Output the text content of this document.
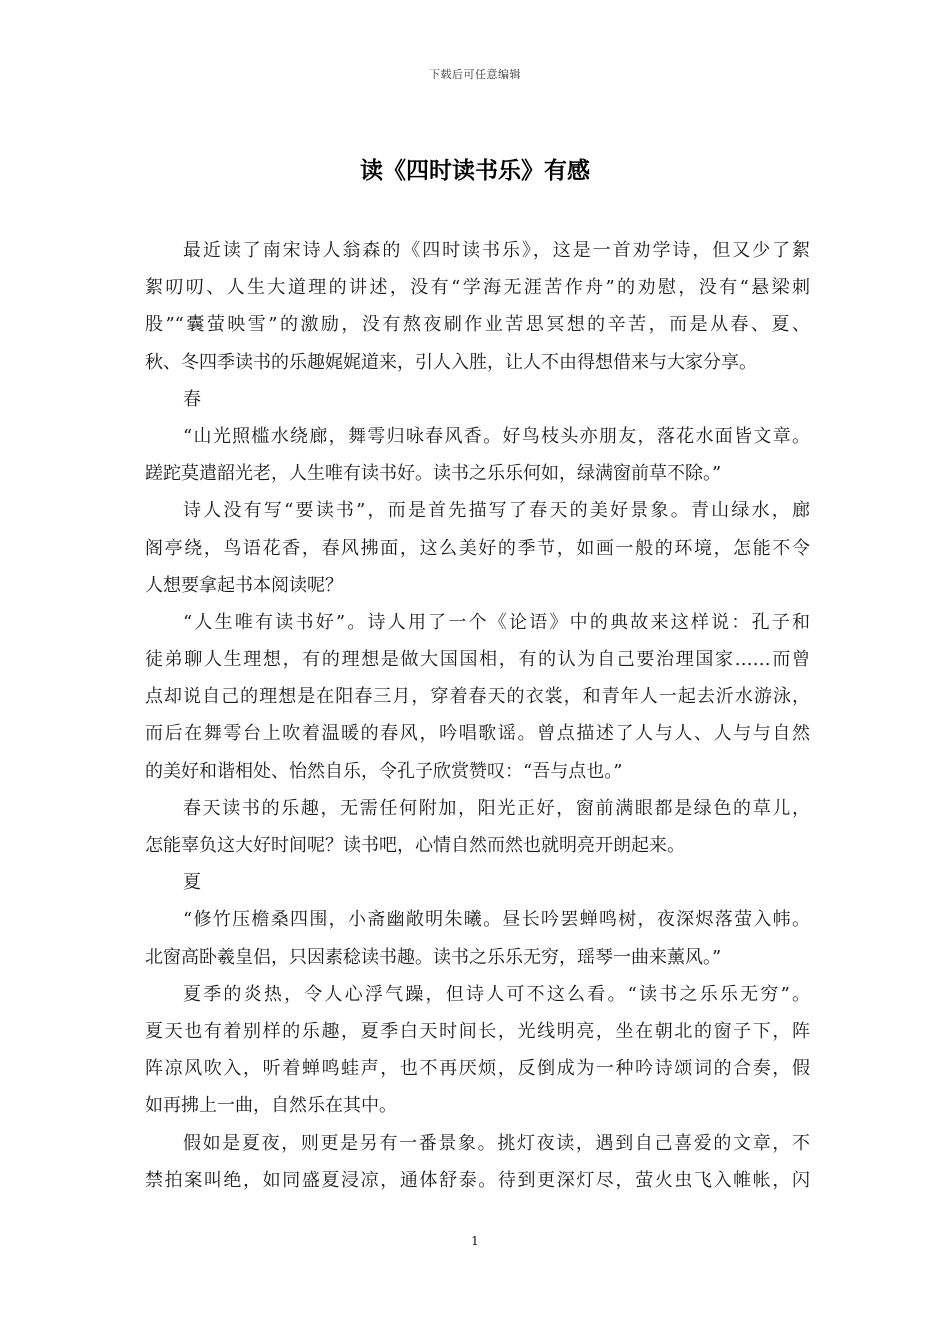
下载后可任意编辑
读《四时读书乐》有感
最近读了南宋诗人翁森的《四时读书乐》，这是一首劝学诗，但又少了絮
絮叨叨、人生大道理的讲述，没有“学海无涯苦作舟”的劝慰，没有“悬梁刺
股”“囊萤映雪”的激励，没有熬夜刷作业苦思冥想的辛苦，而是从春、夏、
秋、冬四季读书的乐趣娓娓道来，引人入胜，让人不由得想借来与大家分享。
春
“山光照槛水绕廊，舞雩归咏春风香。好鸟枝头亦朋友，落花水面皆文章。
蹉跎莫遣韶光老，人生唯有读书好。读书之乐乐何如，绿满窗前草不除。”
诗人没有写“要读书”，而是首先描写了春天的美好景象。青山绿水，廊
阁亭绕，鸟语花香，春风拂面，这么美好的季节，如画一般的环境，怎能不令
人想要拿起书本阅读呢？
“人生唯有读书好”。诗人用了一个《论语》中的典故来这样说：孔子和
徒弟聊人生理想，有的理想是做大国国相，有的认为自己要治理国家……而曾
点却说自己的理想是在阳春三月，穿着春天的衣裳，和青年人一起去沂水游泳，
而后在舞雩台上吹着温暖的春风，吟唱歌谣。曾点描述了人与人、人与与自然
的美好和谐相处、怡然自乐，令孔子欣赏赞叹：“吾与点也。”
春天读书的乐趣，无需任何附加，阳光正好，窗前满眼都是绿色的草儿，
怎能辜负这大好时间呢？读书吧，心情自然而然也就明亮开朗起来。
夏
“修竹压檐桑四围，小斋幽敞明朱曦。昼长吟罢蝉鸣树，夜深烬落萤入帏。
北窗高卧羲皇侣，只因素稔读书趣。读书之乐乐无穷，瑶琴一曲来薰风。”
夏季的炎热，令人心浮气躁，但诗人可不这么看。“读书之乐乐无穷”。
夏天也有着别样的乐趣，夏季白天时间长，光线明亮，坐在朝北的窗子下，阵
阵凉风吹入，听着蝉鸣蛙声，也不再厌烦，反倒成为一种吟诗颂词的合奏，假
如再拂上一曲，自然乐在其中。
假如是夏夜，则更是另有一番景象。挑灯夜读，遇到自己喜爱的文章，不
禁拍案叫绝，如同盛夏浸凉，通体舒泰。待到更深灯尽，萤火虫飞入帷帐，闪
1
